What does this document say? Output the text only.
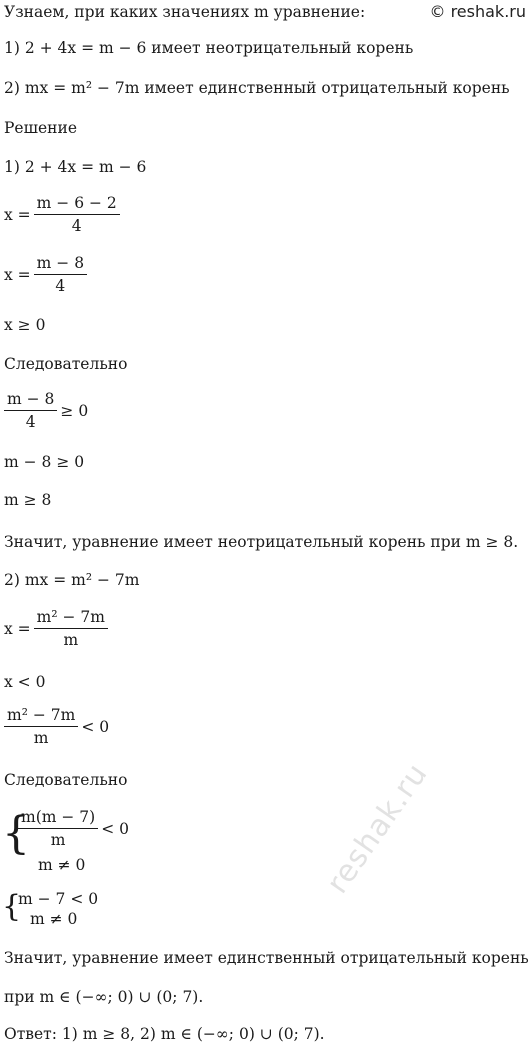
© reshak.ru
Узнаем, при каких значениях m уравнение:
1) 2 + 4x = m − 6 имеет неотрицательный корень
2) mx = m² − 7m имеет единственный отрицательный корень
Решение
1) 2 + 4x = m − 6
$x = \frac{m - 6 - 2}{4}$
$x = \frac{m - 8}{4}$
x ≥ 0
Следовательно
$\frac{m - 8}{4} \ge 0$
m − 8 ≥ 0
m ≥ 8
Значит, уравнение имеет неотрицательный корень при m ≥ 8.
2) mx = m² − 7m
$x = \frac{\text{m² − 7m}}{m}$
x < 0
$\frac{\text{m² − 7m}}{m} < 0$
Следовательно
{
$\frac{m(m - 7)}{m} < 0$
m ≠ 0
{
m − 7 < 0
m ≠ 0
Значит, уравнение имеет единственный отрицательный корень
при m ∈ (−∞; 0) ∪ (0; 7).
Ответ: 1) m ≥ 8, 2) m ∈ (−∞; 0) ∪ (0; 7).
reshak.ru
